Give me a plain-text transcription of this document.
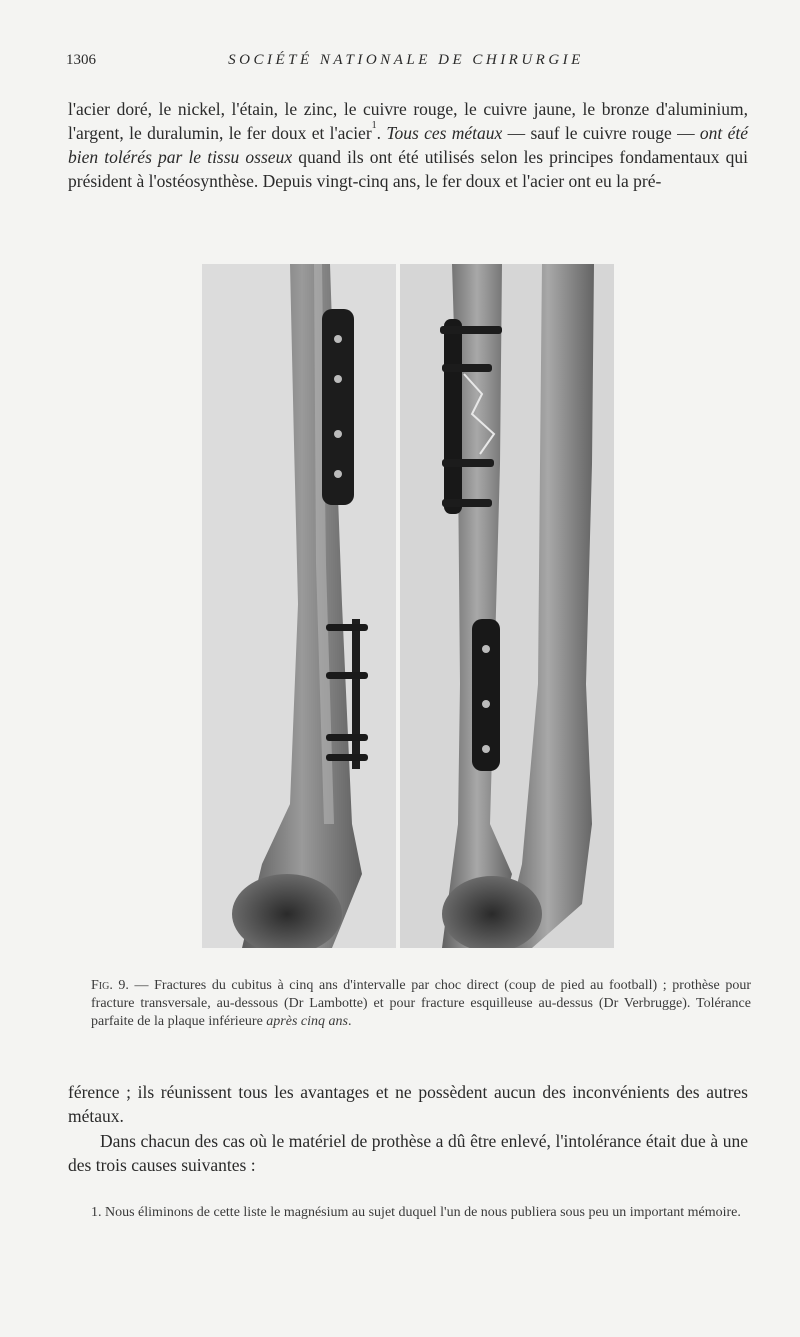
1306	SOCIÉTÉ NATIONALE DE CHIRURGIE
l'acier doré, le nickel, l'étain, le zinc, le cuivre rouge, le cuivre jaune, le bronze d'aluminium, l'argent, le duralumin, le fer doux et l'acier$^1$. Tous ces métaux — sauf le cuivre rouge — ont été bien tolérés par le tissu osseux quand ils ont été utilisés selon les principes fondamentaux qui président à l'ostéosynthèse. Depuis vingt-cinq ans, le fer doux et l'acier ont eu la pré-
Fig. 9. — Fractures du cubitus à cinq ans d'intervalle par choc direct (coup de pied au football) ; prothèse pour fracture transversale, au-dessous (Dr Lambotte) et pour fracture esquilleuse au-dessus (Dr Verbrugge). Tolérance parfaite de la plaque inférieure après cinq ans.
férence ; ils réunissent tous les avantages et ne possèdent aucun des inconvénients des autres métaux.
Dans chacun des cas où le matériel de prothèse a dû être enlevé, l'intolérance était due à une des trois causes suivantes :
1. Nous éliminons de cette liste le magnésium au sujet duquel l'un de nous publiera sous peu un important mémoire.
